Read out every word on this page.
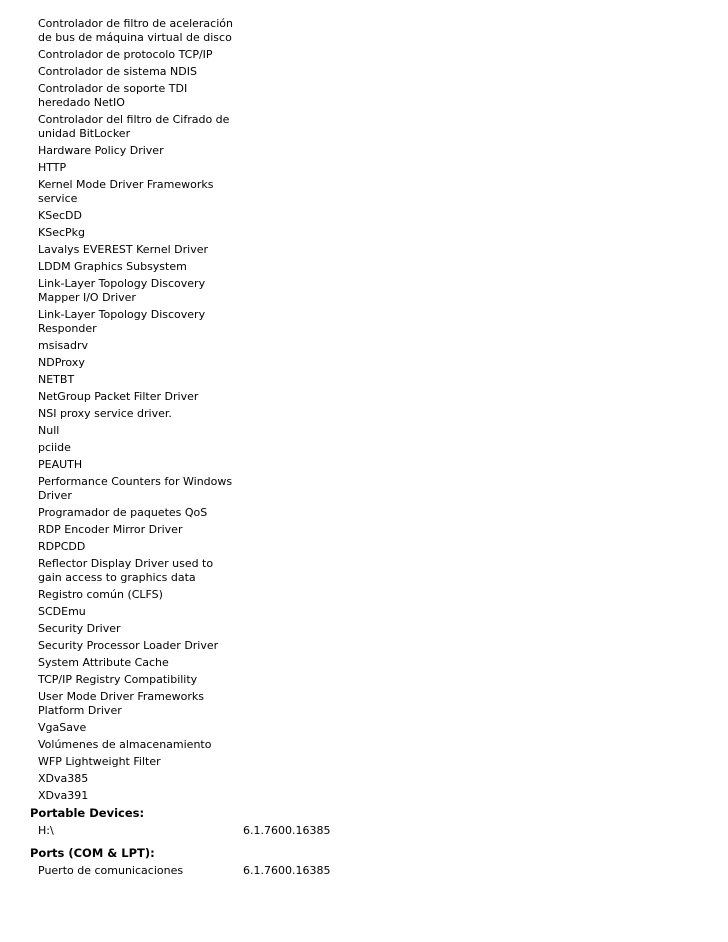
Controlador de filtro de aceleración de bus de máquina virtual de disco
Controlador de protocolo TCP/IP
Controlador de sistema NDIS
Controlador de soporte TDI heredado NetIO
Controlador del filtro de Cifrado de unidad BitLocker
Hardware Policy Driver
HTTP
Kernel Mode Driver Frameworks service
KSecDD
KSecPkg
Lavalys EVEREST Kernel Driver
LDDM Graphics Subsystem
Link-Layer Topology Discovery Mapper I/O Driver
Link-Layer Topology Discovery Responder
msisadrv
NDProxy
NETBT
NetGroup Packet Filter Driver
NSI proxy service driver.
Null
pciide
PEAUTH
Performance Counters for Windows Driver
Programador de paquetes QoS
RDP Encoder Mirror Driver
RDPCDD
Reflector Display Driver used to gain access to graphics data
Registro común (CLFS)
SCDEmu
Security Driver
Security Processor Loader Driver
System Attribute Cache
TCP/IP Registry Compatibility
User Mode Driver Frameworks Platform Driver
VgaSave
Volúmenes de almacenamiento
WFP Lightweight Filter
XDva385
XDva391
Portable Devices:
H:\	6.1.7600.16385
Ports (COM & LPT):
Puerto de comunicaciones	6.1.7600.16385
